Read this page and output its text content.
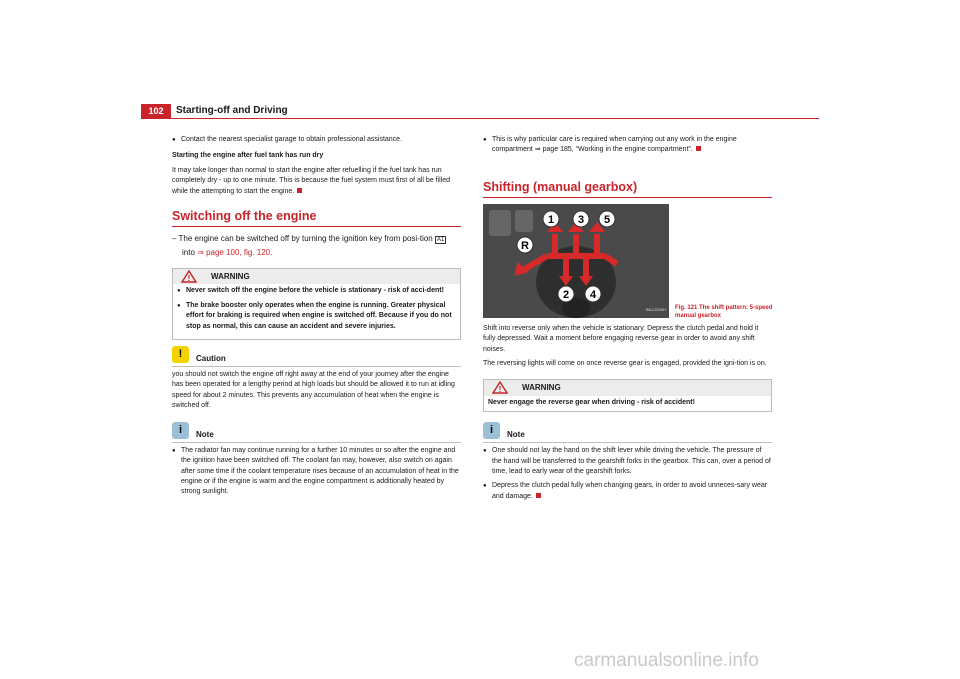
102	Starting-off and Driving

● Contact the nearest specialist garage to obtain professional assistance.

Starting the engine after fuel tank has run dry

It may take longer than normal to start the engine after refuelling if the fuel tank has run completely dry - up to one minute. This is because the fuel system must first of all be filled while the attempting to start the engine.

Switching off the engine

– The engine can be switched off by turning the ignition key from posi-tion A1 into ⇒ page 100, fig. 120.

!	WARNING

● Never switch off the engine before the vehicle is stationary - risk of acci-dent!

● The brake booster only operates when the engine is running. Greater physical effort for braking is required when engine is switched off. Because if you do not stop as normal, this can cause an accident and severe injuries.

!	Caution
you should not switch the engine off right away at the end of your journey after the engine has been operated for a lengthy period at high loads but should be allowed it to run at idling speed for about 2 minutes. This prevents any accumulation of heat when the engine is switched off.
i	Note

● The radiator fan may continue running for a further 10 minutes or so after the engine and the ignition have been switched off. The coolant fan may, however, also switch on again after some time if the coolant temperature rises because of an accumulation of heat in the engine or if the engine is warm and the engine compartment is additionally heated by strong sunlight.

● This is why particular care is required when carrying out any work in the engine compartment ⇒ page 185, “Working in the engine compartment”.

Shifting (manual gearbox)
1 3 5
R
2 4
B5J-2034H

Shift into reverse only when the vehicle is stationary. Depress the clutch pedal and hold it fully depressed. Wait a moment before engaging reverse gear in order to avoid any shift noises.

The reversing lights will come on once reverse gear is engaged, provided the igni-tion is on.

!	WARNING
Never engage the reverse gear when driving - risk of accident!
i	Note

● One should not lay the hand on the shift lever while driving the vehicle. The pressure of the hand will be transferred to the gearshift forks in the gearbox. This can, over a period of time, lead to early wear of the gearshift forks.

● Depress the clutch pedal fully when changing gears, in order to avoid unneces-sary wear and damage.

Fig. 121 The shift pattern: 5-speed manual gearbox
carmanualsonline.info
